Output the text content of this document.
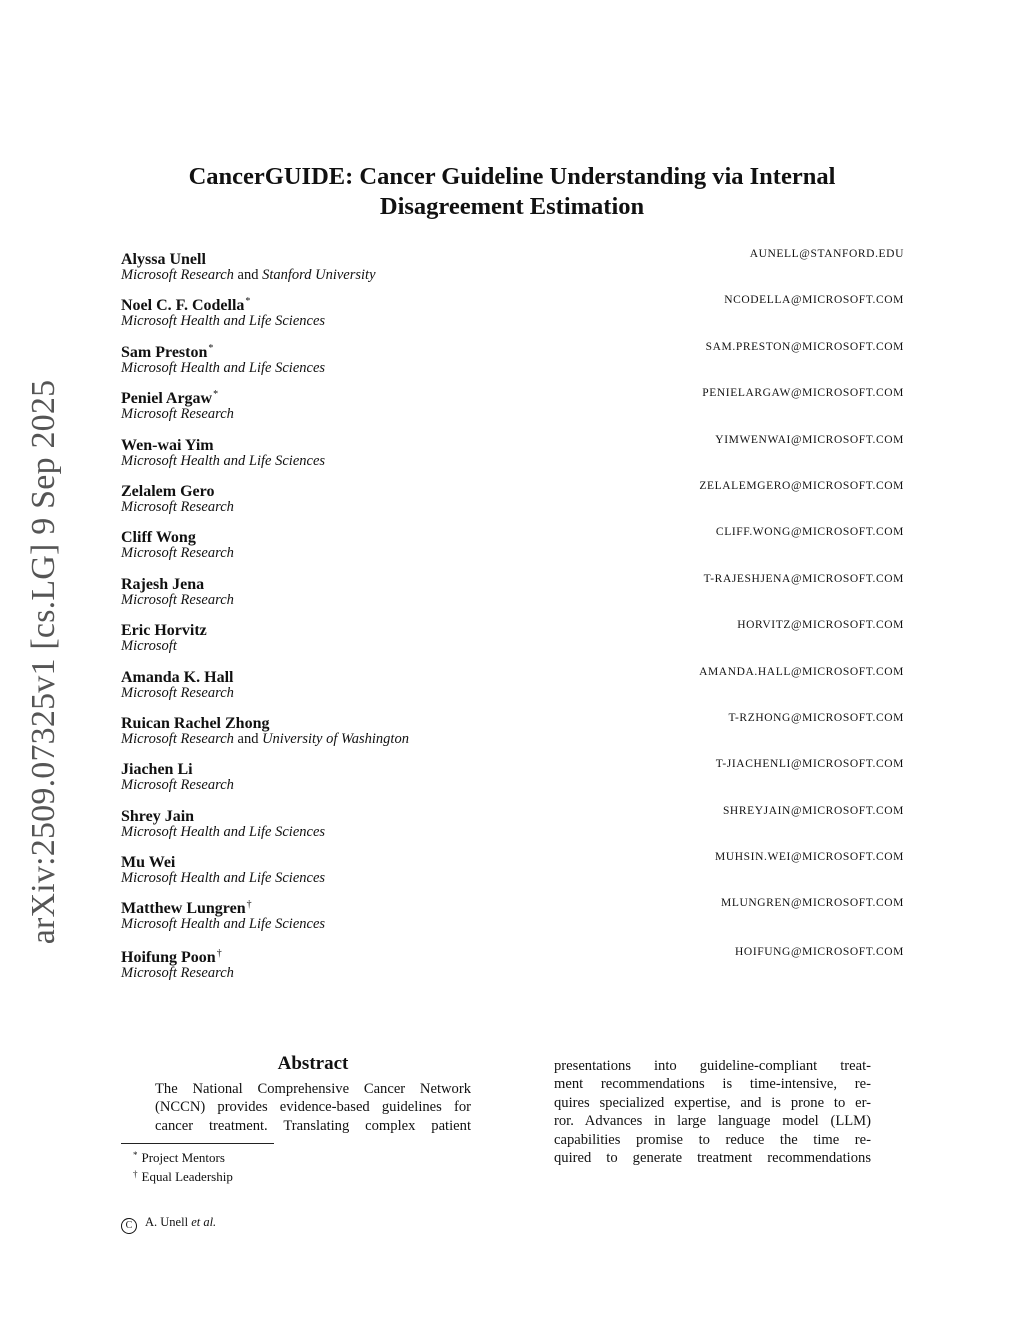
arXiv:2509.07325v1 [cs.LG] 9 Sep 2025
CancerGUIDE: Cancer Guideline Understanding via Internal
Disagreement Estimation
Alyssa Unell
Microsoft Research and Stanford University
AUNELL@STANFORD.EDU
Noel C. F. Codella*
Microsoft Health and Life Sciences
NCODELLA@MICROSOFT.COM
Sam Preston*
Microsoft Health and Life Sciences
SAM.PRESTON@MICROSOFT.COM
Peniel Argaw*
Microsoft Research
PENIELARGAW@MICROSOFT.COM
Wen-wai Yim
Microsoft Health and Life Sciences
YIMWENWAI@MICROSOFT.COM
Zelalem Gero
Microsoft Research
ZELALEMGERO@MICROSOFT.COM
Cliff Wong
Microsoft Research
CLIFF.WONG@MICROSOFT.COM
Rajesh Jena
Microsoft Research
T-RAJESHJENA@MICROSOFT.COM
Eric Horvitz
Microsoft
HORVITZ@MICROSOFT.COM
Amanda K. Hall
Microsoft Research
AMANDA.HALL@MICROSOFT.COM
Ruican Rachel Zhong
Microsoft Research and University of Washington
T-RZHONG@MICROSOFT.COM
Jiachen Li
Microsoft Research
T-JIACHENLI@MICROSOFT.COM
Shrey Jain
Microsoft Health and Life Sciences
SHREYJAIN@MICROSOFT.COM
Mu Wei
Microsoft Health and Life Sciences
MUHSIN.WEI@MICROSOFT.COM
Matthew Lungren†
Microsoft Health and Life Sciences
MLUNGREN@MICROSOFT.COM
Hoifung Poon†
Microsoft Research
HOIFUNG@MICROSOFT.COM
Abstract
The National Comprehensive Cancer Network
(NCCN) provides evidence-based guidelines for
cancer treatment. Translating complex patient
presentations into guideline-compliant treat-
ment recommendations is time-intensive, re-
quires specialized expertise, and is prone to er-
ror. Advances in large language model (LLM)
capabilities promise to reduce the time re-
quired to generate treatment recommendations
* Project Mentors
† Equal Leadership
C A. Unell et al.
